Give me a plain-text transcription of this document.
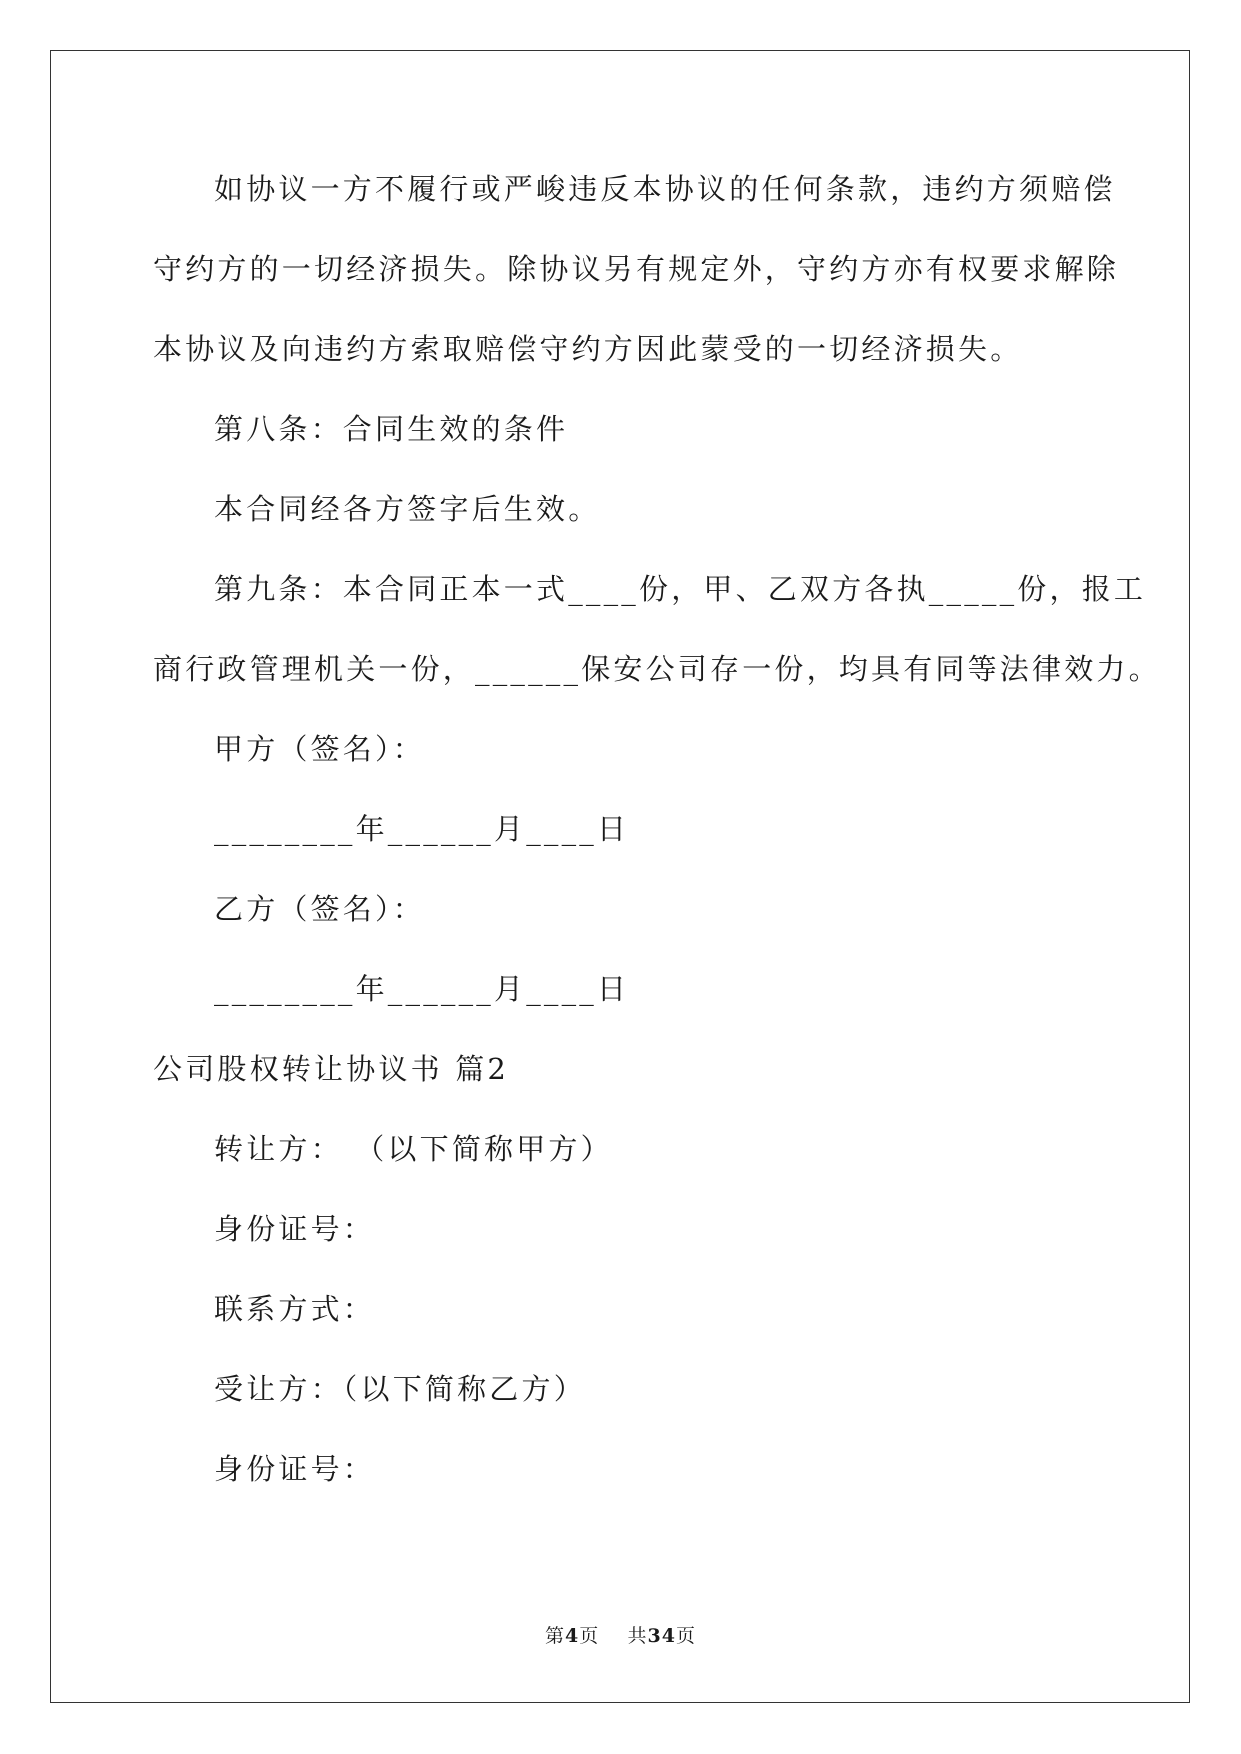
如协议一方不履行或严峻违反本协议的任何条款，违约方须赔偿
守约方的一切经济损失。除协议另有规定外，守约方亦有权要求解除
本协议及向违约方索取赔偿守约方因此蒙受的一切经济损失。
第八条：合同生效的条件
本合同经各方签字后生效。
第九条：本合同正本一式____份，甲、乙双方各执_____份，报工
商行政管理机关一份，______保安公司存一份，均具有同等法律效力。
甲方（签名）：
________年______月____日
乙方（签名）：
________年______月____日
公司股权转让协议书 篇2
转让方： （以下简称甲方）
身份证号：
联系方式：
受让方：（以下简称乙方）
身份证号：
第4页 共34页
